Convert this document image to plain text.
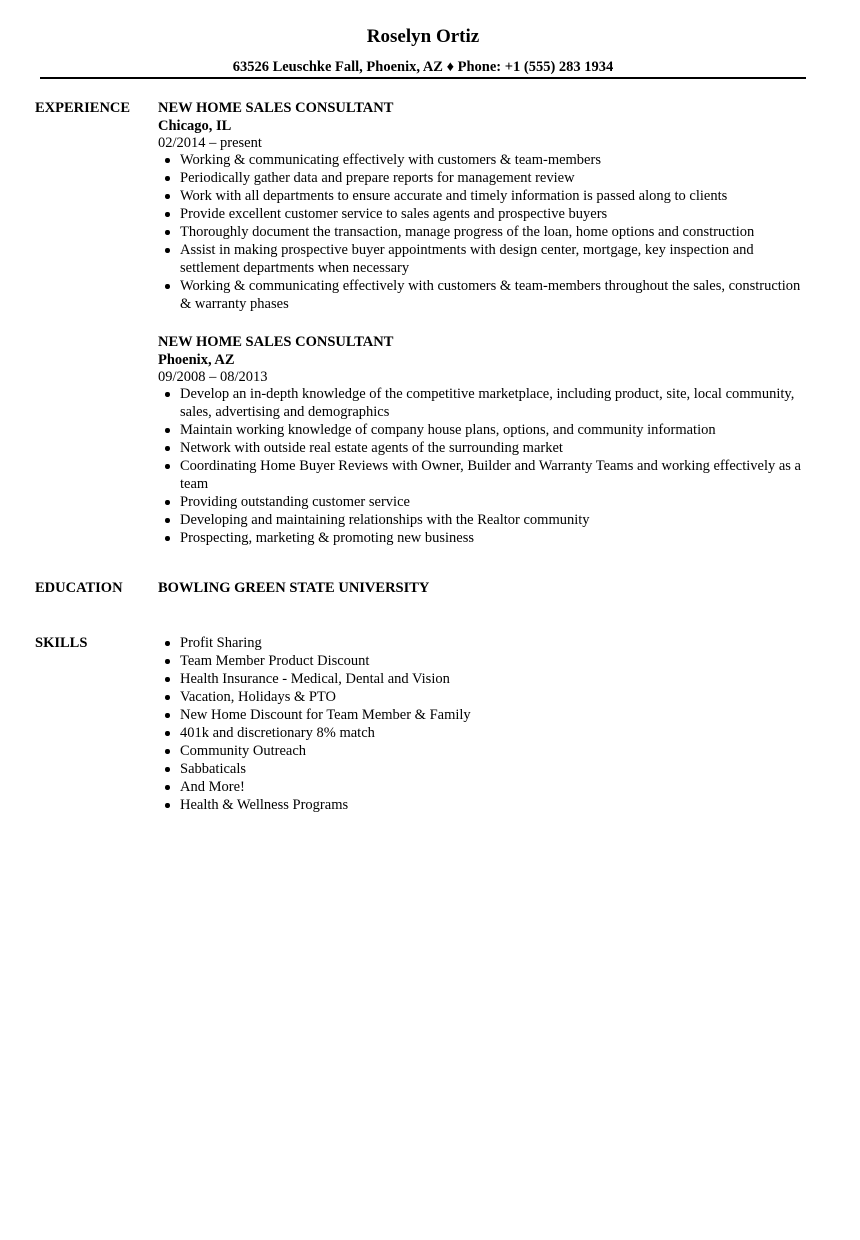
Roselyn Ortiz
63526 Leuschke Fall, Phoenix, AZ ♦ Phone: +1 (555) 283 1934
EXPERIENCE NEW HOME SALES CONSULTANT

Chicago, IL

02/2014 – present

Working & communicating effectively with customers & team-members
Periodically gather data and prepare reports for management review
Work with all departments to ensure accurate and timely information is passed along to clients
Provide excellent customer service to sales agents and prospective buyers
Thoroughly document the transaction, manage progress of the loan, home options and construction
Assist in making prospective buyer appointments with design center, mortgage, key inspection and settlement departments when necessary
Working & communicating effectively with customers & team-members throughout the sales, construction & warranty phases

NEW HOME SALES CONSULTANT

Phoenix, AZ

09/2008 – 08/2013

Develop an in-depth knowledge of the competitive marketplace, including product, site, local community, sales, advertising and demographics
Maintain working knowledge of company house plans, options, and community information
Network with outside real estate agents of the surrounding market
Coordinating Home Buyer Reviews with Owner, Builder and Warranty Teams and working effectively as a team
Providing outstanding customer service
Developing and maintaining relationships with the Realtor community
Prospecting, marketing & promoting new business
EDUCATION BOWLING GREEN STATE UNIVERSITY

SKILLS	Profit Sharing
Team Member Product Discount
Health Insurance - Medical, Dental and Vision
Vacation, Holidays & PTO
New Home Discount for Team Member & Family
401k and discretionary 8% match
Community Outreach
Sabbaticals
And More!
Health & Wellness Programs
